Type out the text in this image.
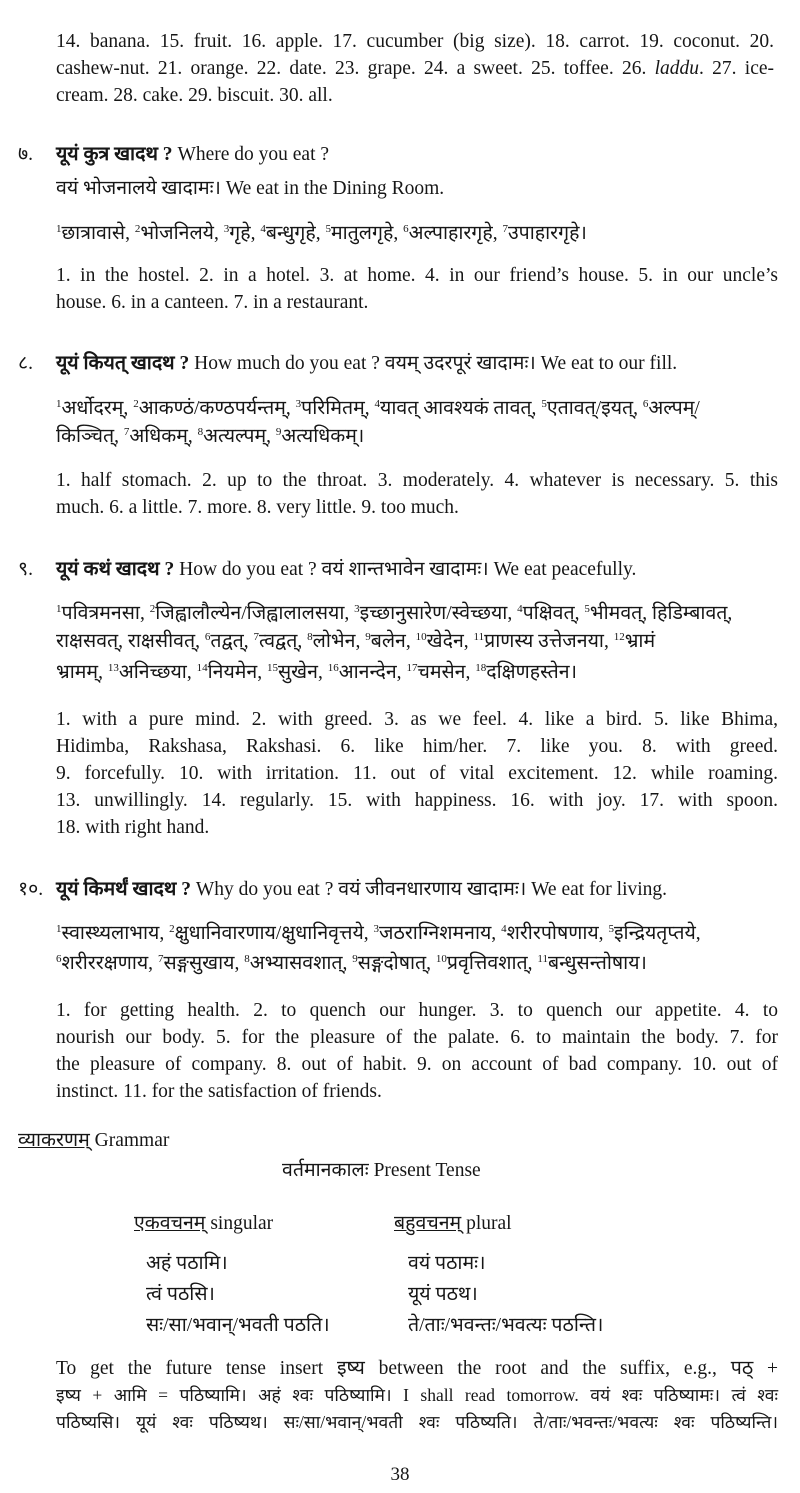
14. banana. 15. fruit. 16. apple. 17. cucumber (big size). 18. carrot. 19. coconut. 20.

cashew-nut. 21. orange. 22. date. 23. grape. 24. a sweet. 25. toffee. 26. laddu. 27. ice-

cream. 28. cake. 29. biscuit. 30. all.

७. यूयं कुत्र खादथ ? Where do you eat ?

वयं भोजनालये खादामः। We eat in the Dining Room.

$^1$छात्रावासे, $^2$भोजनिलये, $^3$गृहे, $^4$बन्धुगृहे, $^5$मातुलगृहे, $^6$अल्पाहारगृहे, $^7$उपाहारगृहे।

1. in the hostel. 2. in a hotel. 3. at home. 4. in our friend’s house. 5. in our uncle’s

house. 6. in a canteen. 7. in a restaurant.

८. यूयं कियत् खादथ ? How much do you eat ? वयम् उदरपूरं खादामः। We eat to our fill.

$^1$अर्धोदरम्, $^2$आकण्ठं/कण्ठपर्यन्तम्, $^3$परिमितम्, $^4$यावत् आवश्यकं तावत्, $^5$एतावत्/इयत्, $^6$अल्पम्/

किञ्चित्, $^7$अधिकम्, $^8$अत्यल्पम्, $^9$अत्यधिकम्।

1. half stomach. 2. up to the throat. 3. moderately. 4. whatever is necessary. 5. this

much. 6. a little. 7. more. 8. very little. 9. too much.

९. यूयं कथं खादथ ? How do you eat ? वयं शान्तभावेन खादामः। We eat peacefully.

$^1$पवित्रमनसा, $^2$जिह्वालौल्येन/जिह्वालालसया, $^3$इच्छानुसारेण/स्वेच्छया, $^4$पक्षिवत्, $^5$भीमवत्, हिडिम्बावत्,

राक्षसवत्, राक्षसीवत्, $^6$तद्वत्, $^7$त्वद्वत्, $^8$लोभेन, $^9$बलेन, $^{10}$खेदेन, $^{11}$प्राणस्य उत्तेजनया, $^{12}$भ्रामं

भ्रामम्, $^{13}$अनिच्छया, $^{14}$नियमेन, $^{15}$सुखेन, $^{16}$आनन्देन, $^{17}$चमसेन, $^{18}$दक्षिणहस्तेन।

1. with a pure mind. 2. with greed. 3. as we feel. 4. like a bird. 5. like Bhima,

Hidimba, Rakshasa, Rakshasi. 6. like him/her. 7. like you. 8. with greed.

9. forcefully. 10. with irritation. 11. out of vital excitement. 12. while roaming.

13. unwillingly. 14. regularly. 15. with happiness. 16. with joy. 17. with spoon.

18. with right hand.

१०. यूयं किमर्थं खादथ ? Why do you eat ? वयं जीवनधारणाय खादामः। We eat for living.

$^1$स्वास्थ्यलाभाय, $^2$क्षुधानिवारणाय/क्षुधानिवृत्तये, $^3$जठराग्निशमनाय, $^4$शरीरपोषणाय, $^5$इन्द्रियतृप्तये,

$^6$शरीररक्षणाय, $^7$सङ्गसुखाय, $^8$अभ्यासवशात्, $^9$सङ्गदोषात्, $^{10}$प्रवृत्तिवशात्, $^{11}$बन्धुसन्तोषाय।

1. for getting health. 2. to quench our hunger. 3. to quench our appetite. 4. to

nourish our body. 5. for the pleasure of the palate. 6. to maintain the body. 7. for

the pleasure of company. 8. out of habit. 9. on account of bad company. 10. out of

instinct. 11. for the satisfaction of friends.

व्याकरणम् Grammar

वर्तमानकालः Present Tense

एकवचनम् singular	बहुवचनम् plural

अहं पठामि।	वयं पठामः।
त्वं पठसि।	यूयं पठथ।
सः/सा/भवान्/भवती पठति।	ते/ताः/भवन्तः/भवत्यः पठन्ति।

To get the future tense insert इष्य between the root and the suffix, e.g., पठ् +

इष्य + आमि = पठिष्यामि। अहं श्वः पठिष्यामि। I shall read tomorrow. वयं श्वः पठिष्यामः। त्वं श्वः

पठिष्यसि। यूयं श्वः पठिष्यथ। सः/सा/भवान्/भवती श्वः पठिष्यति। ते/ताः/भवन्तः/भवत्यः श्वः पठिष्यन्ति।

38
